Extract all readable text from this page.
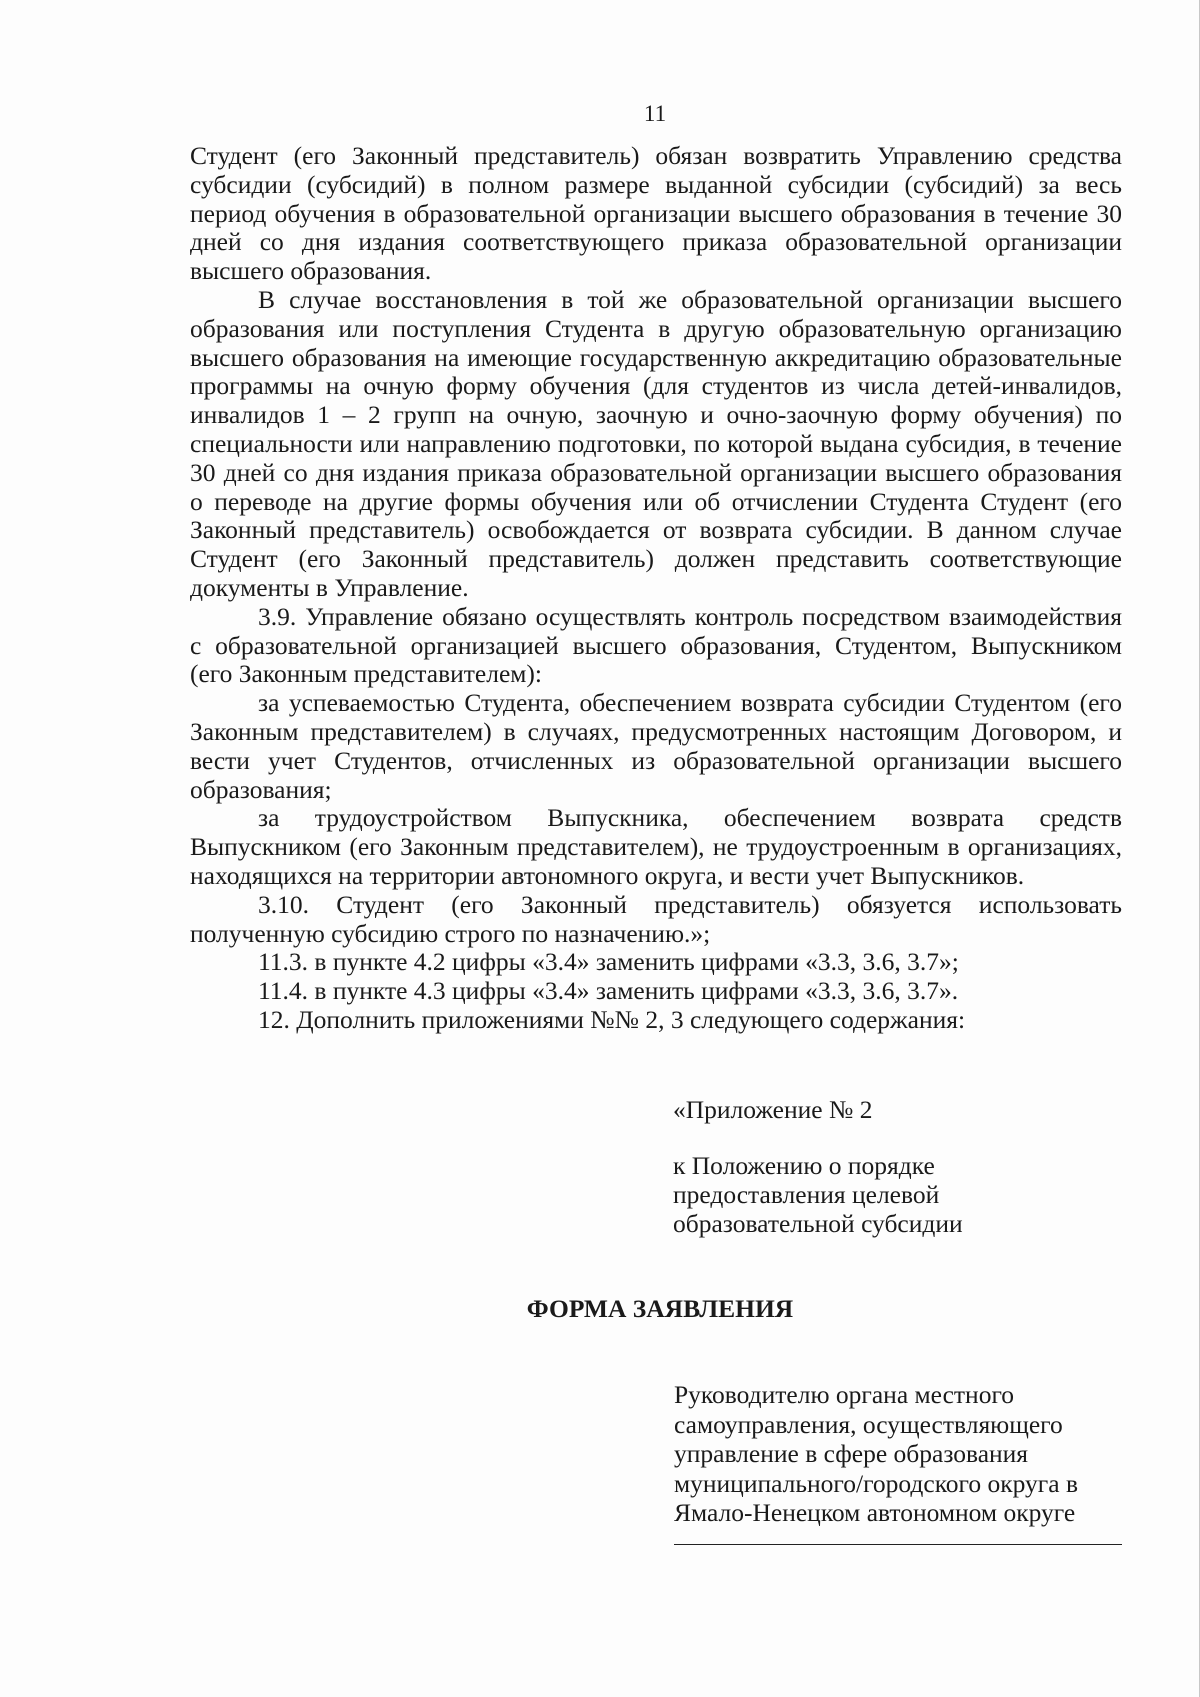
11

Студент (его Законный представитель) обязан возвратить Управлению средства субсидии (субсидий) в полном размере выданной субсидии (субсидий) за весь период обучения в образовательной организации высшего образования в течение 30 дней со дня издания соответствующего приказа образовательной организации высшего образования.

В случае восстановления в той же образовательной организации высшего образования или поступления Студента в другую образовательную организацию высшего образования на имеющие государственную аккредитацию образовательные программы на очную форму обучения (для студентов из числа детей-инвалидов, инвалидов 1 – 2 групп на очную, заочную и очно-заочную форму обучения) по специальности или направлению подготовки, по которой выдана субсидия, в течение 30 дней со дня издания приказа образовательной организации высшего образования о переводе на другие формы обучения или об отчислении Студента Студент (его Законный представитель) освобождается от возврата субсидии. В данном случае Студент (его Законный представитель) должен представить соответствующие документы в Управление.

3.9. Управление обязано осуществлять контроль посредством взаимодействия с образовательной организацией высшего образования, Студентом, Выпускником (его Законным представителем):

за успеваемостью Студента, обеспечением возврата субсидии Студентом (его Законным представителем) в случаях, предусмотренных настоящим Договором, и вести учет Студентов, отчисленных из образовательной организации высшего образования;

за трудоустройством Выпускника, обеспечением возврата средств Выпускником (его Законным представителем), не трудоустроенным в организациях, находящихся на территории автономного округа, и вести учет Выпускников.

3.10. Студент (его Законный представитель) обязуется использовать полученную субсидию строго по назначению.»;

11.3. в пункте 4.2 цифры «3.4» заменить цифрами «3.3, 3.6, 3.7»;

11.4. в пункте 4.3 цифры «3.4» заменить цифрами «3.3, 3.6, 3.7».

12. Дополнить приложениями №№ 2, 3 следующего содержания:

«Приложение № 2
к Положению о порядке
предоставления целевой
образовательной субсидии
ФОРМА ЗАЯВЛЕНИЯ
Руководителю органа местного
самоуправления, осуществляющего
управление в сфере образования
муниципального/городского округа в
Ямало-Ненецком автономном округе
